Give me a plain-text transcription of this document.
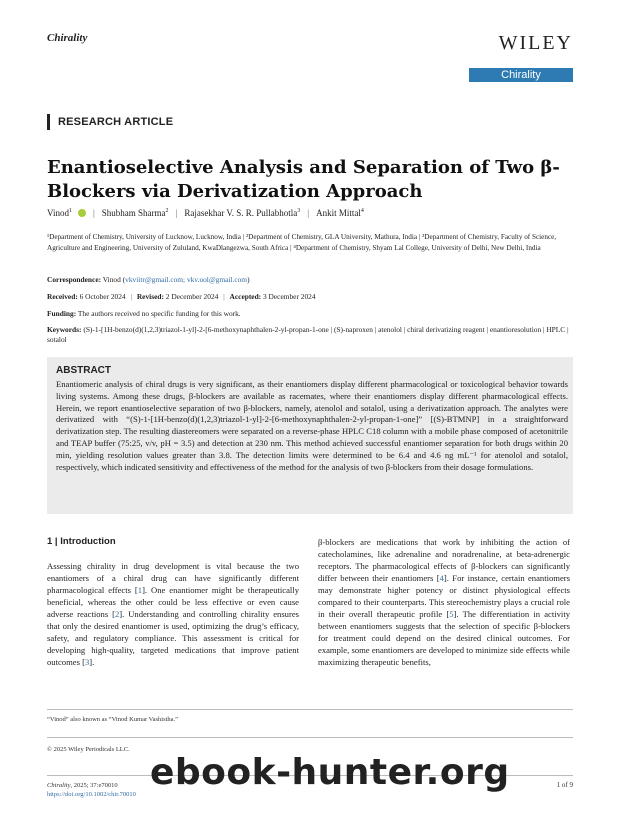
Chirality	WILEY
Chirality
RESEARCH ARTICLE
Enantioselective Analysis and Separation of Two β-Blockers via Derivatization Approach
Vinod$^1$ | Shubham Sharma$^2$ | Rajasekhar V. S. R. Pullabhotla$^3$ | Ankit Mittal$^4$
¹Department of Chemistry, University of Lucknow, Lucknow, India | ²Department of Chemistry, GLA University, Mathura, India | ³Department of Chemistry, Faculty of Science, Agriculture and Engineering, University of Zululand, KwaDlangezwa, South Africa | ⁴Department of Chemistry, Shyam Lal College, University of Delhi, New Delhi, India
Correspondence: Vinod (vkviitr@gmail.com; vkv.uol@gmail.com)
Received: 6 October 2024 | Revised: 2 December 2024 | Accepted: 3 December 2024
Funding: The authors received no specific funding for this work.
Keywords: (S)-1-[1H-benzo(d)(1,2,3)triazol-1-yl]-2-[6-methoxynaphthalen-2-yl-propan-1-one | (S)-naproxen | atenolol | chiral derivatizing reagent | enantioresolution | HPLC | sotalol
ABSTRACT

Enantiomeric analysis of chiral drugs is very significant, as their enantiomers display different pharmacological or toxicological behavior towards living systems. Among these drugs, β-blockers are available as racemates, where their enantiomers display different pharmacological effects. Herein, we report enantioselective separation of two β-blockers, namely, atenolol and sotalol, using a derivatization approach. The analytes were derivatized with “(S)-1-[1H-benzo(d)(1,2,3)triazol-1-yl]-2-[6-methoxynaphthalen-2-yl-propan-1-one]” [(S)-BTMNP] in a straightforward derivatization step. The resulting diastereomers were separated on a reverse-phase HPLC C18 column with a mobile phase composed of acetonitrile and TEAP buffer (75:25, v/v, pH = 3.5) and detection at 230 nm. This method achieved successful enantiomer separation for both drugs within 20 min, yielding resolution values greater than 3.8. The detection limits were determined to be 6.4 and 4.6 ng mL⁻¹ for atenolol and sotalol, respectively, which indicated sensitivity and effectiveness of the method for the analysis of two β-blockers from their dosage formulations.

1 | Introduction
Assessing chirality in drug development is vital because the two enantiomers of a chiral drug can have significantly different pharmacological effects [1]. One enantiomer might be therapeutically beneficial, whereas the other could be less effective or even cause adverse reactions [2]. Understanding and controlling chirality ensures that only the desired enantiomer is used, optimizing the drug’s efficacy, safety, and regulatory compliance. This assessment is critical for developing high-quality, targeted medications that improve patient outcomes [3].
β-blockers are medications that work by inhibiting the action of catecholamines, like adrenaline and noradrenaline, at beta-adrenergic receptors. The pharmacological effects of β-blockers can significantly differ between their enantiomers [4]. For instance, certain enantiomers may demonstrate higher potency or distinct physiological effects compared to their counterparts. This stereochemistry plays a crucial role in their overall therapeutic profile [5]. The differentiation in activity between enantiomers suggests that the selection of specific β-blockers for treatment could depend on the desired clinical outcomes. For example, some enantiomers are developed to minimize side effects while maximizing therapeutic benefits,
“Vinod” also known as “Vinod Kumar Vashistha.”
© 2025 Wiley Periodicals LLC.
Chirality, 2025; 37:e70010
https://doi.org/10.1002/chir.70010
1 of 9
ebook-hunter.org
